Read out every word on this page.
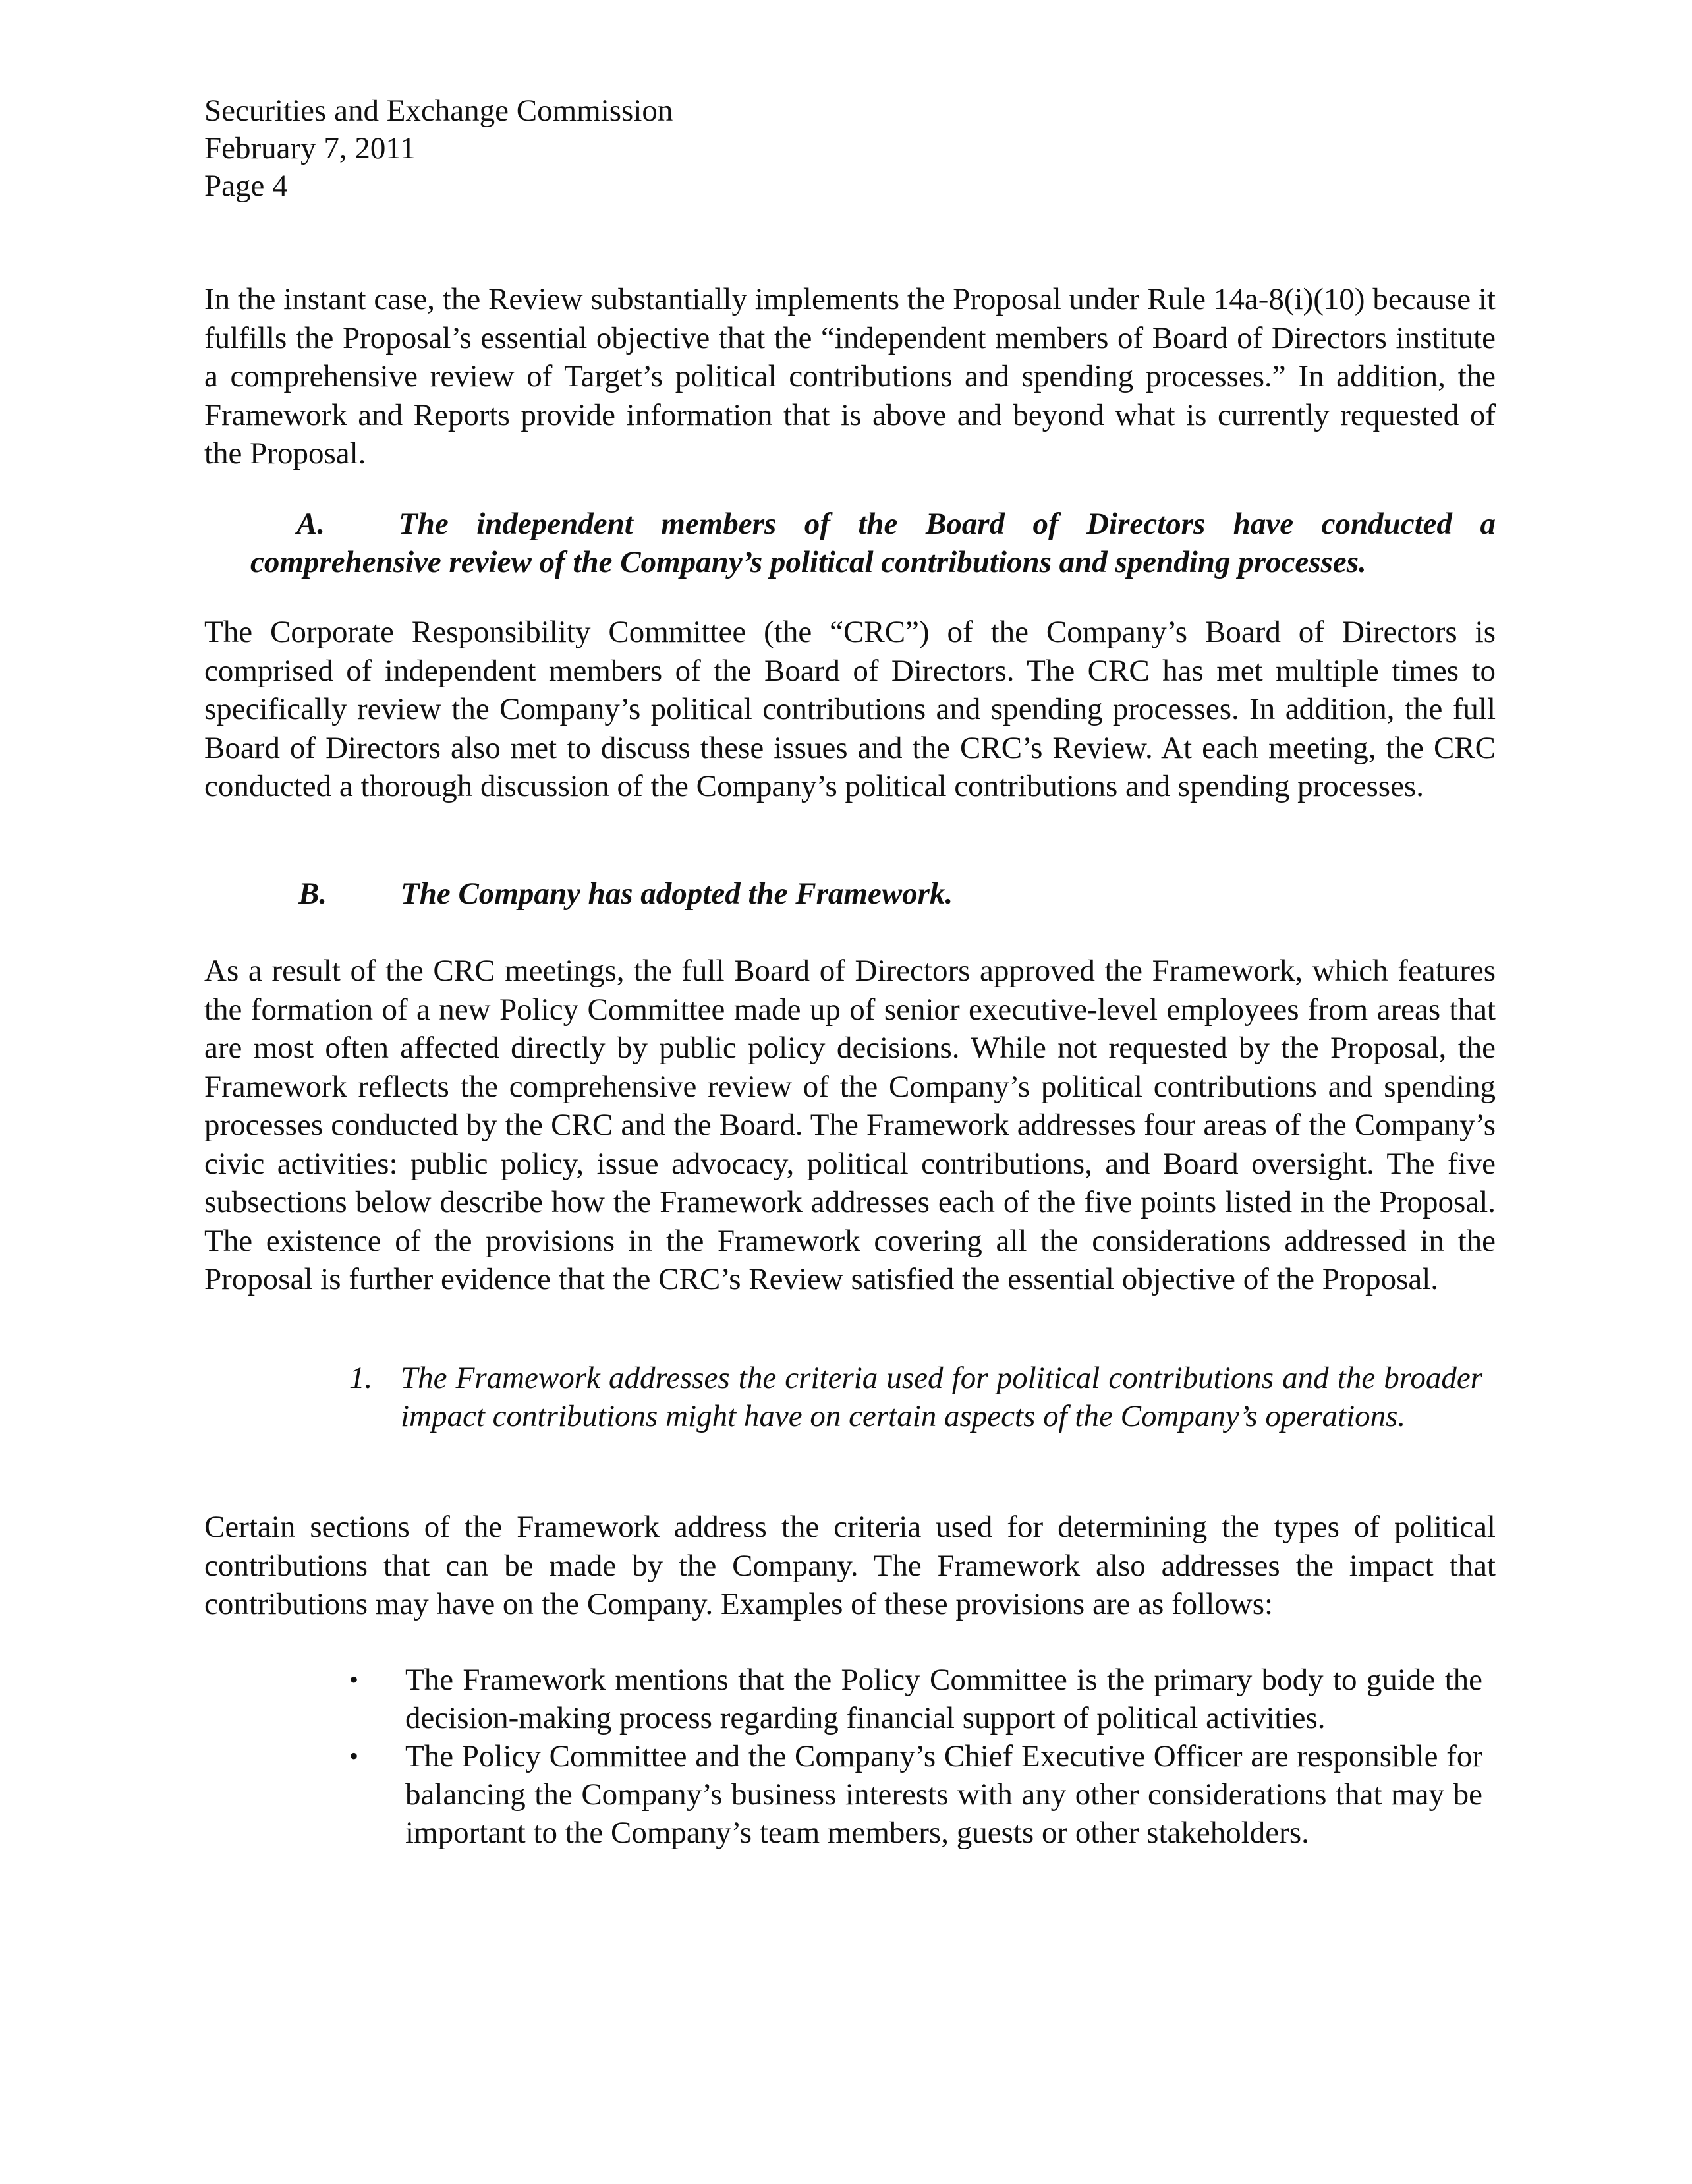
Securities and Exchange Commission
February 7, 2011
Page 4

In the instant case, the Review substantially implements the Proposal under Rule 14a-8(i)(10) because it fulfills the Proposal’s essential objective that the “independent members of Board of Directors institute a comprehensive review of Target’s political contributions and spending processes.” In addition, the Framework and Reports provide information that is above and beyond what is currently requested of the Proposal.

A.	The independent members of the Board of Directors have conducted a
comprehensive review of the Company’s political contributions and spending processes.

The Corporate Responsibility Committee (the “CRC”) of the Company’s Board of Directors is comprised of independent members of the Board of Directors. The CRC has met multiple times to specifically review the Company’s political contributions and spending processes. In addition, the full Board of Directors also met to discuss these issues and the CRC’s Review. At each meeting, the CRC conducted a thorough discussion of the Company’s political contributions and spending processes.

B.	The Company has adopted the Framework.

As a result of the CRC meetings, the full Board of Directors approved the Framework, which features the formation of a new Policy Committee made up of senior executive-level employees from areas that are most often affected directly by public policy decisions. While not requested by the Proposal, the Framework reflects the comprehensive review of the Company’s political contributions and spending processes conducted by the CRC and the Board. The Framework addresses four areas of the Company’s civic activities: public policy, issue advocacy, political contributions, and Board oversight. The five subsections below describe how the Framework addresses each of the five points listed in the Proposal. The existence of the provisions in the Framework covering all the considerations addressed in the Proposal is further evidence that the CRC’s Review satisfied the essential objective of the Proposal.

1. The Framework addresses the criteria used for political contributions and the broader impact contributions might have on certain aspects of the Company’s operations.

Certain sections of the Framework address the criteria used for determining the types of political contributions that can be made by the Company. The Framework also addresses the impact that contributions may have on the Company. Examples of these provisions are as follows:

•	The Framework mentions that the Policy Committee is the primary body to guide the decision-making process regarding financial support of political activities.
•	The Policy Committee and the Company’s Chief Executive Officer are responsible for balancing the Company’s business interests with any other considerations that may be important to the Company’s team members, guests or other stakeholders.
